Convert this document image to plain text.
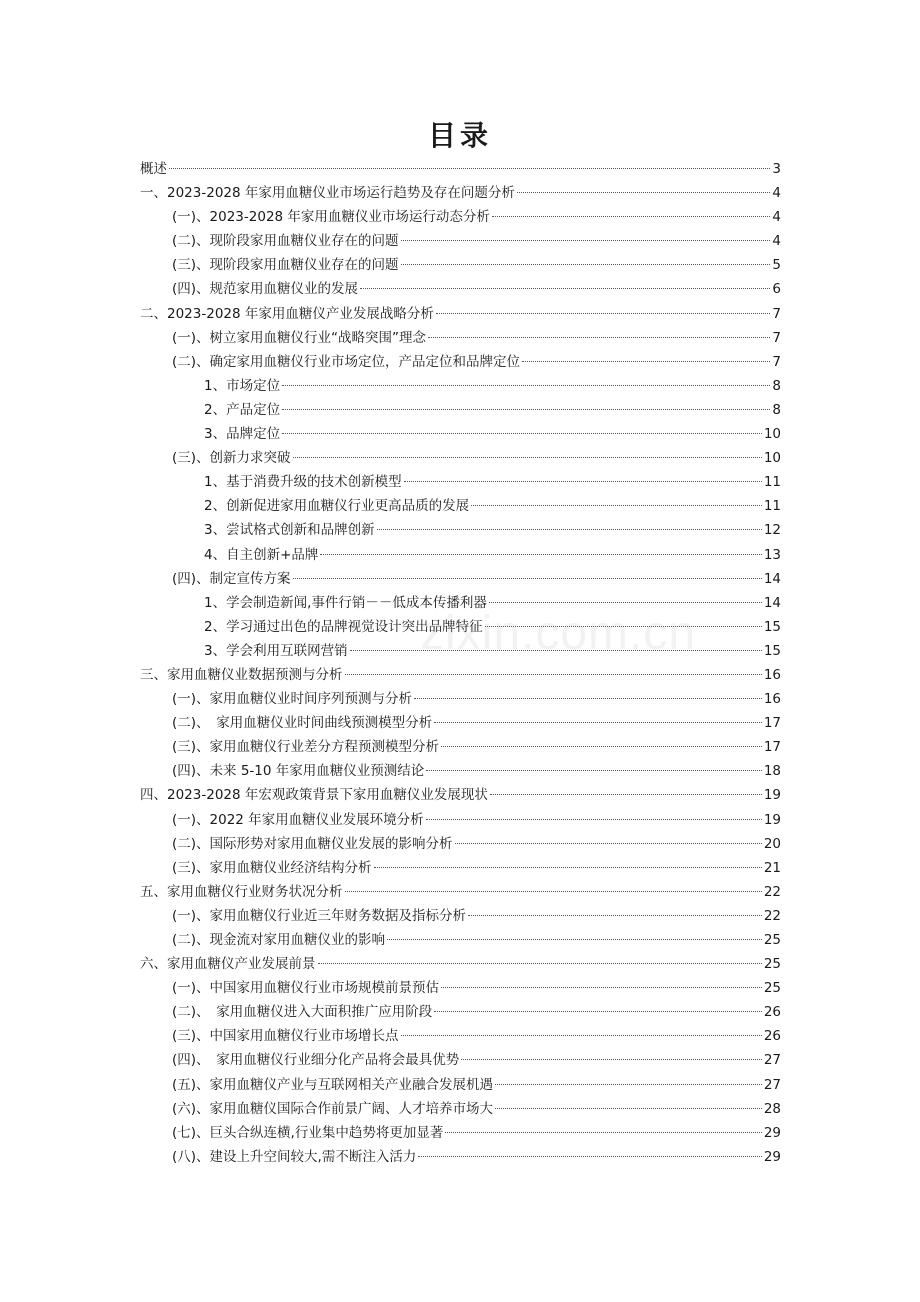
目录
概述	3
一、2023-2028 年家用血糖仪业市场运行趋势及存在问题分析	4
(一)、2023-2028 年家用血糖仪业市场运行动态分析	4
(二)、现阶段家用血糖仪业存在的问题	4
(三)、现阶段家用血糖仪业存在的问题	5
(四)、规范家用血糖仪业的发展	6
二、2023-2028 年家用血糖仪产业发展战略分析	7
(一)、树立家用血糖仪行业“战略突围”理念	7
(二)、确定家用血糖仪行业市场定位，产品定位和品牌定位	7
1、市场定位	8
2、产品定位	8
3、品牌定位	10
(三)、创新力求突破	10
1、基于消费升级的技术创新模型	11
2、创新促进家用血糖仪行业更高品质的发展	11
3、尝试格式创新和品牌创新	12
4、自主创新+品牌	13
(四)、制定宣传方案	14
1、学会制造新闻,事件行销－－低成本传播利器	14
2、学习通过出色的品牌视觉设计突出品牌特征	15
3、学会利用互联网营销	15
三、家用血糖仪业数据预测与分析	16
(一)、家用血糖仪业时间序列预测与分析	16
(二)、　家用血糖仪业时间曲线预测模型分析	17
(三)、家用血糖仪行业差分方程预测模型分析	17
(四)、未来 5-10 年家用血糖仪业预测结论	18
四、2023-2028 年宏观政策背景下家用血糖仪业发展现状	19
(一)、2022 年家用血糖仪业发展环境分析	19
(二)、国际形势对家用血糖仪业发展的影响分析	20
(三)、家用血糖仪业经济结构分析	21
五、家用血糖仪行业财务状况分析	22
(一)、家用血糖仪行业近三年财务数据及指标分析	22
(二)、现金流对家用血糖仪业的影响	25
六、家用血糖仪产业发展前景	25
(一)、中国家用血糖仪行业市场规模前景预估	25
(二)、　家用血糖仪进入大面积推广应用阶段	26
(三)、中国家用血糖仪行业市场增长点	26
(四)、　家用血糖仪行业细分化产品将会最具优势	27
(五)、家用血糖仪产业与互联网相关产业融合发展机遇	27
(六)、家用血糖仪国际合作前景广阔、人才培养市场大	28
(七)、巨头合纵连横,行业集中趋势将更加显著	29
(八)、建设上升空间较大,需不断注入活力	29
zixin.com.cn
